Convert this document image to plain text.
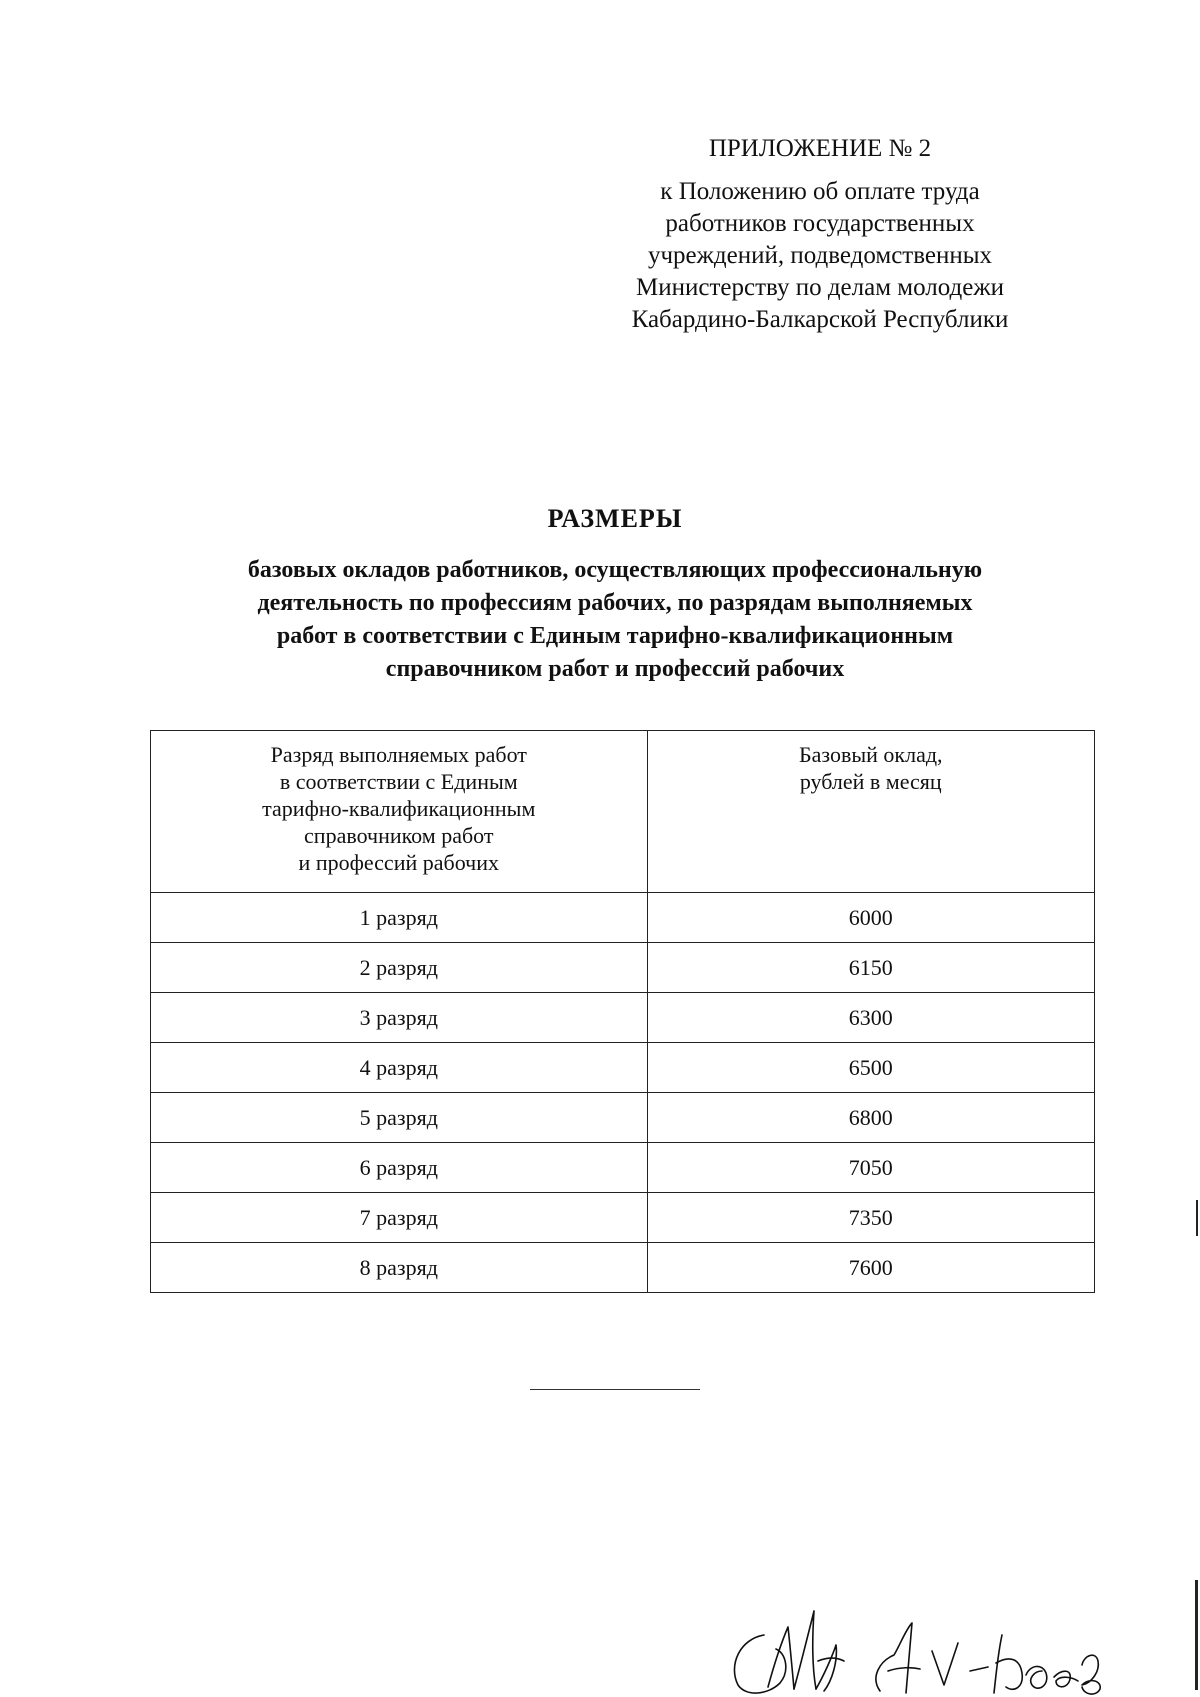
ПРИЛОЖЕНИЕ № 2
к Положению об оплате труда
работников государственных
учреждений, подведомственных
Министерству по делам молодежи
Кабардино-Балкарской Республики
РАЗМЕРЫ
базовых окладов работников, осуществляющих профессиональную
деятельность по профессиям рабочих, по разрядам выполняемых
работ в соответствии с Единым тарифно-квалификационным
справочником работ и профессий рабочих
Разряд выполняемых работ
в соответствии с Единым
тарифно-квалификационным
справочником работ
и профессий рабочих	Базовый оклад,
рублей в месяц

1 разряд	6000
2 разряд	6150
3 разряд	6300
4 разряд	6500
5 разряд	6800
6 разряд	7050
7 разряд	7350
8 разряд	7600
